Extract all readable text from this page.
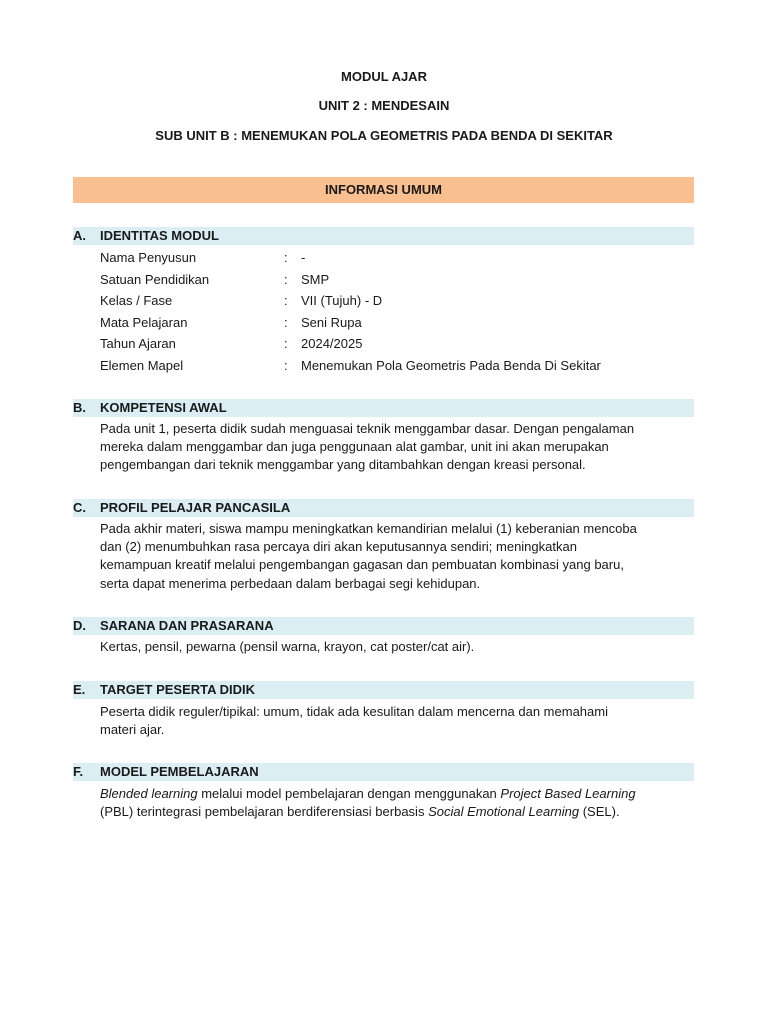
MODUL AJAR
UNIT 2 : MENDESAIN
SUB UNIT B : MENEMUKAN POLA GEOMETRIS PADA BENDA DI SEKITAR
INFORMASI UMUM
A. IDENTITAS MODUL
Nama Penyusun	: -
Satuan Pendidikan	: SMP
Kelas / Fase	: VII (Tujuh) - D
Mata Pelajaran	: Seni Rupa
Tahun Ajaran	: 2024/2025
Elemen Mapel	: Menemukan Pola Geometris Pada Benda Di Sekitar
B. KOMPETENSI AWAL
Pada unit 1, peserta didik sudah menguasai teknik menggambar dasar. Dengan pengalaman
mereka dalam menggambar dan juga penggunaan alat gambar, unit ini akan merupakan
pengembangan dari teknik menggambar yang ditambahkan dengan kreasi personal.
C. PROFIL PELAJAR PANCASILA
Pada akhir materi, siswa mampu meningkatkan kemandirian melalui (1) keberanian mencoba
dan (2) menumbuhkan rasa percaya diri akan keputusannya sendiri; meningkatkan
kemampuan kreatif melalui pengembangan gagasan dan pembuatan kombinasi yang baru,
serta dapat menerima perbedaan dalam berbagai segi kehidupan.
D. SARANA DAN PRASARANA
Kertas, pensil, pewarna (pensil warna, krayon, cat poster/cat air).
E. TARGET PESERTA DIDIK
Peserta didik reguler/tipikal: umum, tidak ada kesulitan dalam mencerna dan memahami
materi ajar.
F. MODEL PEMBELAJARAN
Blended learning melalui model pembelajaran dengan menggunakan Project Based Learning
(PBL) terintegrasi pembelajaran berdiferensiasi berbasis Social Emotional Learning (SEL).
